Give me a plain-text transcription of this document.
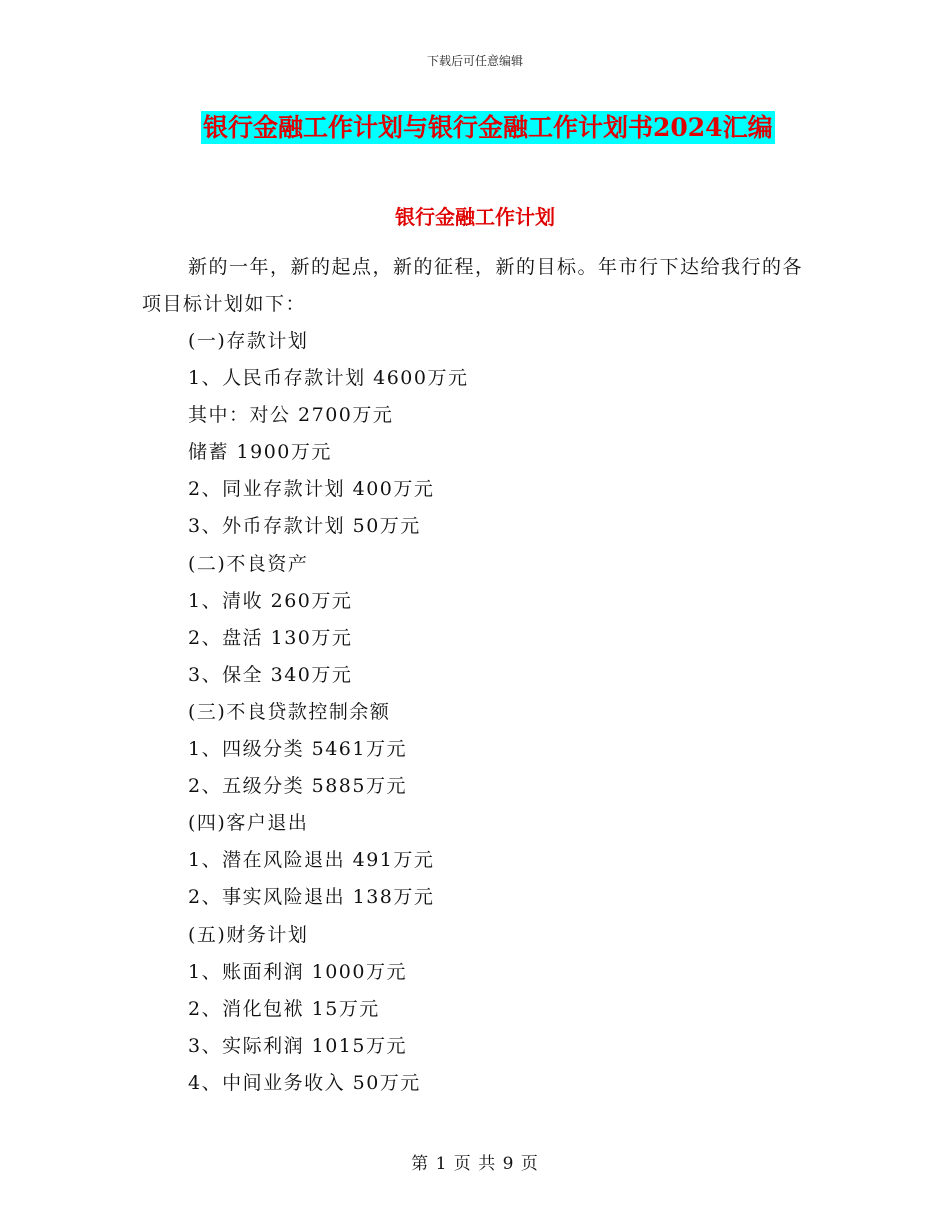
下载后可任意编辑
银行金融工作计划与银行金融工作计划书2024汇编
银行金融工作计划

新的一年，新的起点，新的征程，新的目标。年市行下达给我行的各项目标计划如下：

(一)存款计划

1、人民币存款计划 4600万元

其中：对公 2700万元

储蓄 1900万元

2、同业存款计划 400万元

3、外币存款计划 50万元

(二)不良资产

1、清收 260万元

2、盘活 130万元

3、保全 340万元

(三)不良贷款控制余额

1、四级分类 5461万元

2、五级分类 5885万元

(四)客户退出

1、潜在风险退出 491万元

2、事实风险退出 138万元

(五)财务计划

1、账面利润 1000万元

2、消化包袱 15万元

3、实际利润 1015万元

4、中间业务收入 50万元

第 1 页 共 9 页
